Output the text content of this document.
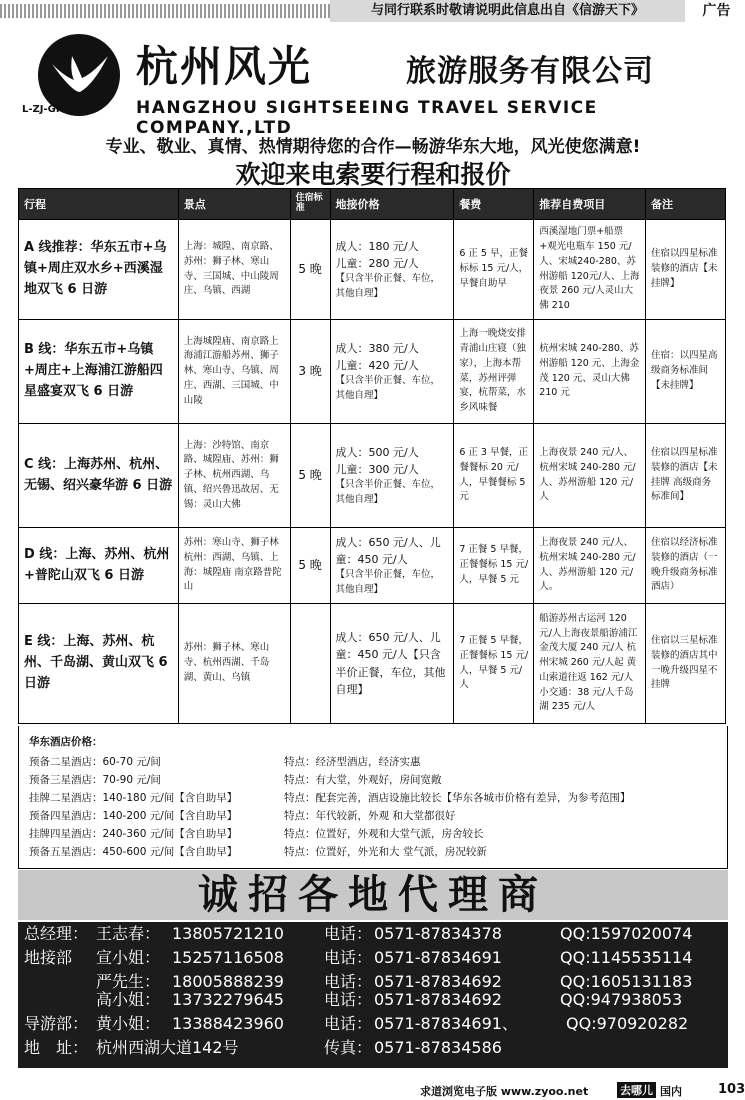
与同行联系时敬请说明此信息出自《信游天下》	广告
杭州风光	旅游服务有限公司
HANGZHOU SIGHTSEEING TRAVEL SERVICE COMPANY.,LTD
L-ZJ-GN01898
专业、敬业、真情、热情期待您的合作—畅游华东大地，风光使您满意!
欢迎来电索要行程和报价
行程	景点	住宿标准	地接价格	餐费	推荐自费项目	备注
A 线推荐：华东五市+乌镇+周庄双水乡+西溪湿地双飞 6 日游	上海：城隍、南京路、苏州：狮子林、寒山寺、三国城、中山陵周庄、乌镇、西湖	5 晚	成人：180 元/人
儿童：280 元/人
【只含半价正餐、车位，其他自理】	6 正 5 早，正餐标标 15 元/人，早餐自助早	西溪湿地门票+船票+观光电瓶车 150 元/人、宋城240-280、苏州游船 120元/人、上海夜景 260 元/人灵山大佛 210	住宿以四星标准装修的酒店【未挂牌】
B 线：华东五市+乌镇+周庄+上海浦江游船四星盛宴双飞 6 日游	上海城隍庙、南京路上海浦江游船苏州、狮子林、寒山寺、乌镇、周庄、西湖、三国城、中山陵	3 晚	成人：380 元/人
儿童：420 元/人
【只含半价正餐、车位，其他自理】	上海一晚烧安排青浦山庄寝（独家），上海本帮菜，苏州评弹宴，杭帮菜，水乡风味餐	杭州宋城 240-280、苏州游船 120 元、上海金茂 120 元、灵山大佛 210 元	住宿：以四星高级商务标准间【未挂牌】
C 线：上海苏州、杭州、无锡、绍兴豪华游 6 日游	上海：沙特馆、南京路、城隍庙、苏州：狮子林、杭州西湖、乌镇、绍兴鲁迅故居、无锡：灵山大佛	5 晚	成人：500 元/人
儿童：300 元/人
【只含半价正餐、车位，其他自理】	6 正 3 早餐，正餐餐标 20 元/人，早餐餐标 5 元	上海夜景 240 元/人、杭州宋城 240-280 元/人、苏州游船 120 元/人	住宿以四星标准装修的酒店【未挂牌 高级商务标准间】
D 线：上海、苏州、杭州+普陀山双飞 6 日游	苏州：寒山寺、狮子林杭州：西湖、乌镇、上海：城隍庙 南京路普陀山	5 晚	成人：650 元/人、儿童：450 元/人
【只含半价正餐，车位，其他自理】	7 正餐 5 早餐，正餐餐标 15 元/人，早餐 5 元	上海夜景 240 元/人、杭州宋城 240-280 元/人、苏州游船 120 元/人。	住宿以经济标准装修的酒店（一晚升级商务标准酒店）
E 线：上海、苏州、杭州、千岛湖、黄山双飞 6 日游	苏州：狮子林、寒山寺、杭州西湖、千岛湖、黄山、乌镇		成人：650 元/人、儿童：450 元/人【只含半价正餐，车位，其他自理】	7 正餐 5 早餐，正餐餐标 15 元/人，早餐 5 元/人	船游苏州古运河 120 元/人上海夜景船游浦江金茂大厦 240 元/人 杭州宋城 260 元/人起 黄山索道往返 162 元/人 小交通：38 元/人千岛湖 235 元/人	住宿以三星标准装修的酒店其中一晚升级四星不挂牌
华东酒店价格：
预备二星酒店：60-70 元/间	特点：经济型酒店，经济实惠
预备三星酒店：70-90 元/间	特点：有大堂，外观好，房间宽敞
挂牌二星酒店：140-180 元/间【含自助早】	特点：配套完善，酒店设施比较长【华东各城市价格有差异，为参考范围】
预备四星酒店：140-200 元/间【含自助早】	特点：年代较新，外观 和大堂都很好
挂牌四星酒店：240-360 元/间【含自助早】	特点：位置好，外观和大堂气派，房舍较长
预备五星酒店：450-600 元/间【含自助早】	特点：位置好，外光和大 堂气派，房况较新
诚招各地代理商
总经理： 王志春： 13805721210	电话： 0571-87834378	QQ:1597020074
地接部 宣小姐： 15257116508	电话： 0571-87834691	QQ:1145535114
严先生： 18005888239	电话： 0571-87834692	QQ:1605131183
高小姐： 13732279645	电话： 0571-87834692	QQ:947938053
导游部： 黄小姐： 13388423960	电话： 0571-87834691、	QQ:970920282
地　址： 杭州西湖大道142号	传真： 0571-87834586
求道浏览电子版 www.zyoo.net	去哪儿 国内	103
